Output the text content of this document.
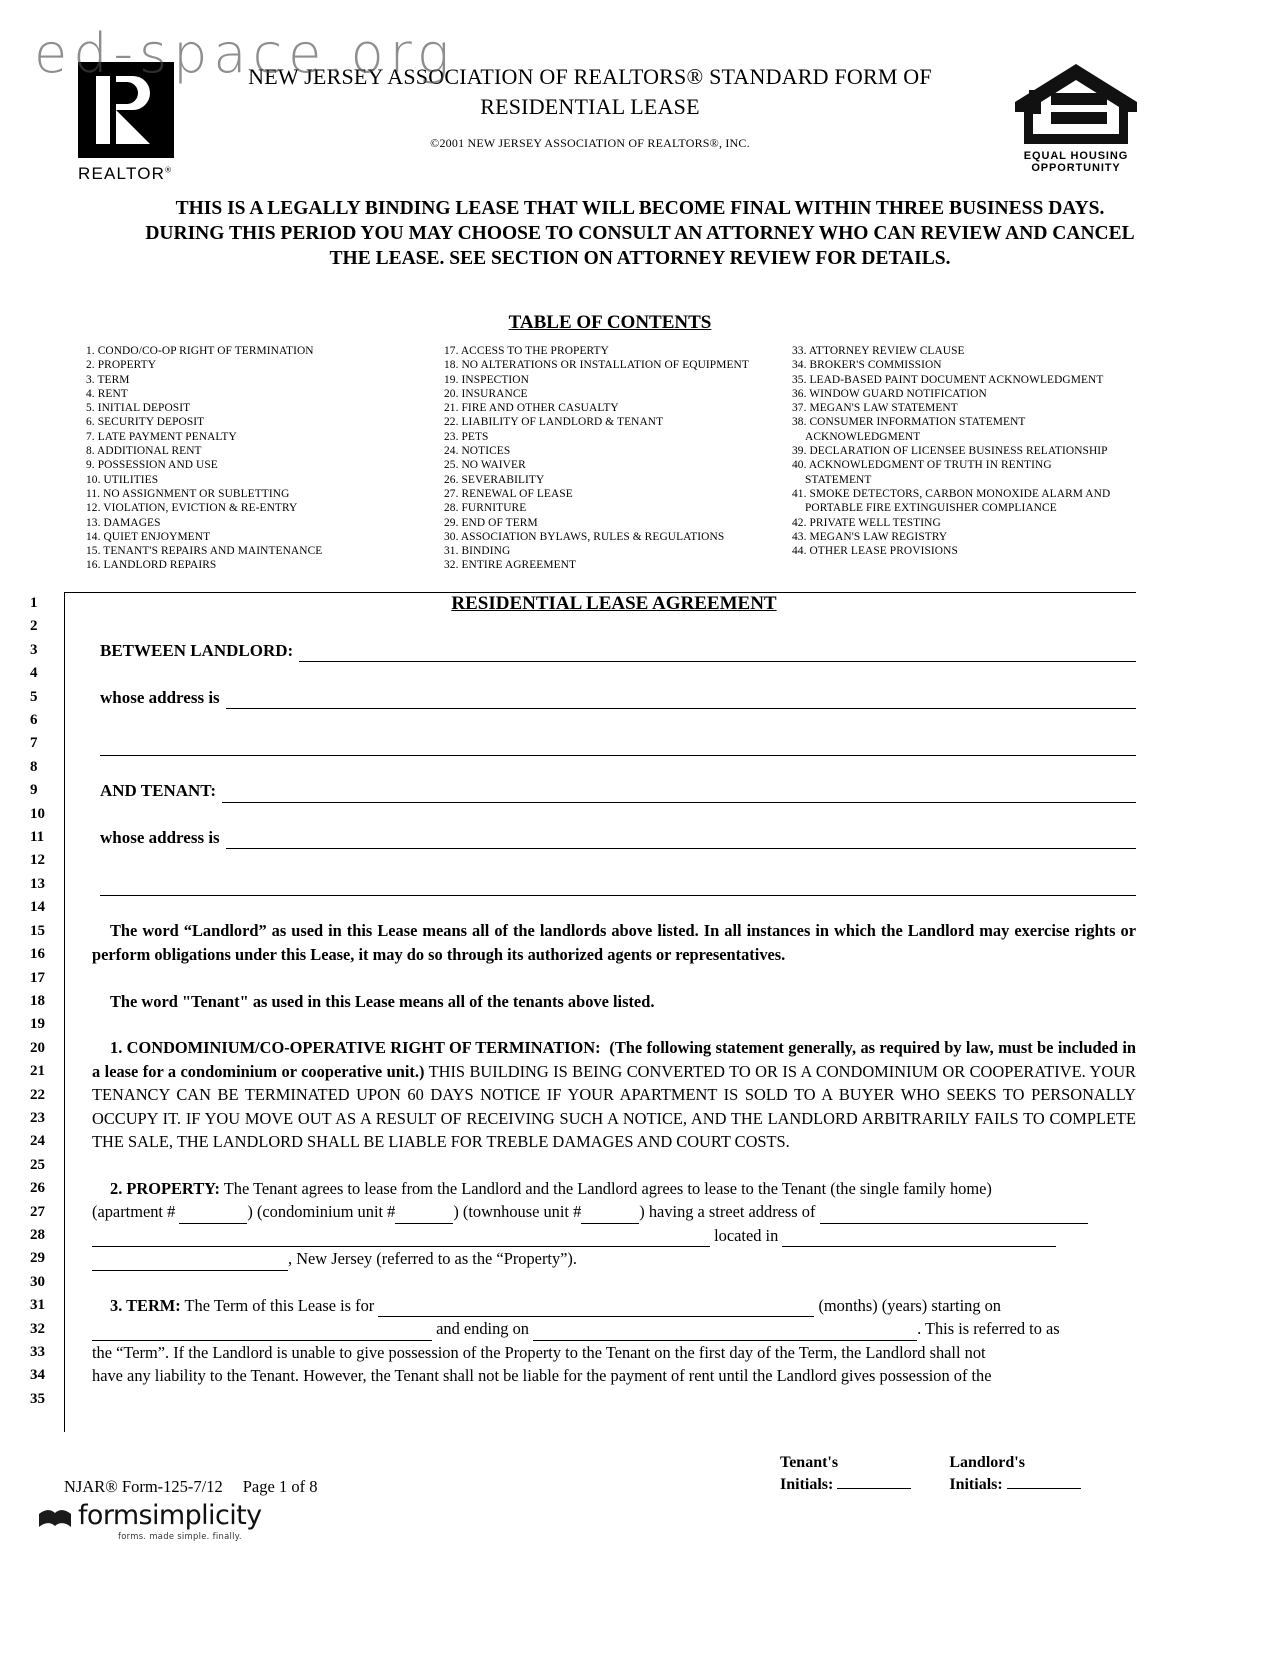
ed-space.org
REALTOR®
NEW JERSEY ASSOCIATION OF REALTORS® STANDARD FORM OF
RESIDENTIAL LEASE
©2001 NEW JERSEY ASSOCIATION OF REALTORS®, INC.
EQUAL HOUSING
OPPORTUNITY
THIS IS A LEGALLY BINDING LEASE THAT WILL BECOME FINAL WITHIN THREE BUSINESS DAYS.
DURING THIS PERIOD YOU MAY CHOOSE TO CONSULT AN ATTORNEY WHO CAN REVIEW AND CANCEL
THE LEASE. SEE SECTION ON ATTORNEY REVIEW FOR DETAILS.
TABLE OF CONTENTS
1. CONDO/CO-OP RIGHT OF TERMINATION
2. PROPERTY
3. TERM
4. RENT
5. INITIAL DEPOSIT
6. SECURITY DEPOSIT
7. LATE PAYMENT PENALTY
8. ADDITIONAL RENT
9. POSSESSION AND USE
10. UTILITIES
11. NO ASSIGNMENT OR SUBLETTING
12. VIOLATION, EVICTION & RE-ENTRY
13. DAMAGES
14. QUIET ENJOYMENT
15. TENANT'S REPAIRS AND MAINTENANCE
16. LANDLORD REPAIRS
17. ACCESS TO THE PROPERTY
18. NO ALTERATIONS OR INSTALLATION OF EQUIPMENT
19. INSPECTION
20. INSURANCE
21. FIRE AND OTHER CASUALTY
22. LIABILITY OF LANDLORD & TENANT
23. PETS
24. NOTICES
25. NO WAIVER
26. SEVERABILITY
27. RENEWAL OF LEASE
28. FURNITURE
29. END OF TERM
30. ASSOCIATION BYLAWS, RULES & REGULATIONS
31. BINDING
32. ENTIRE AGREEMENT
33. ATTORNEY REVIEW CLAUSE
34. BROKER'S COMMISSION
35. LEAD-BASED PAINT DOCUMENT ACKNOWLEDGMENT
36. WINDOW GUARD NOTIFICATION
37. MEGAN'S LAW STATEMENT
38. CONSUMER INFORMATION STATEMENT
ACKNOWLEDGMENT
39. DECLARATION OF LICENSEE BUSINESS RELATIONSHIP
40. ACKNOWLEDGMENT OF TRUTH IN RENTING
STATEMENT
41. SMOKE DETECTORS, CARBON MONOXIDE ALARM AND
PORTABLE FIRE EXTINGUISHER COMPLIANCE
42. PRIVATE WELL TESTING
43. MEGAN'S LAW REGISTRY
44. OTHER LEASE PROVISIONS
1
2
3
4
5
6
7
8
9
10
11
12
13
14
15
16
17
18
19
20
21
22
23
24
25
26
27
28
29
30
31
32
33
34
35
RESIDENTIAL LEASE AGREEMENT
BETWEEN LANDLORD:
whose address is
AND TENANT:
whose address is

The word “Landlord” as used in this Lease means all of the landlords above listed. In all instances in which the Landlord may exercise rights or perform obligations under this Lease, it may do so through its authorized agents or representatives.

The word "Tenant" as used in this Lease means all of the tenants above listed.

1. CONDOMINIUM/CO-OPERATIVE RIGHT OF TERMINATION: (The following statement generally, as required by law, must be included in a lease for a condominium or cooperative unit.) THIS BUILDING IS BEING CONVERTED TO OR IS A CONDOMINIUM OR COOPERATIVE. YOUR TENANCY CAN BE TERMINATED UPON 60 DAYS NOTICE IF YOUR APARTMENT IS SOLD TO A BUYER WHO SEEKS TO PERSONALLY OCCUPY IT. IF YOU MOVE OUT AS A RESULT OF RECEIVING SUCH A NOTICE, AND THE LANDLORD ARBITRARILY FAILS TO COMPLETE THE SALE, THE LANDLORD SHALL BE LIABLE FOR TREBLE DAMAGES AND COURT COSTS.

2. PROPERTY: The Tenant agrees to lease from the Landlord and the Landlord agrees to lease to the Tenant (the single family home)

(apartment #	) (condominium unit #	) (townhouse unit #	) having a street address of

located in

, New Jersey (referred to as the “Property”).

3. TERM: The Term of this Lease is for	(months) (years) starting on

and ending on	. This is referred to as

the “Term”. If the Landlord is unable to give possession of the Property to the Tenant on the first day of the Term, the Landlord shall not

have any liability to the Tenant. However, the Tenant shall not be liable for the payment of rent until the Landlord gives possession of the

Tenant's
Initials:
Landlord's
Initials:
NJAR® Form-125-7/12 Page 1 of 8
formsimplicity
forms. made simple. finally.
